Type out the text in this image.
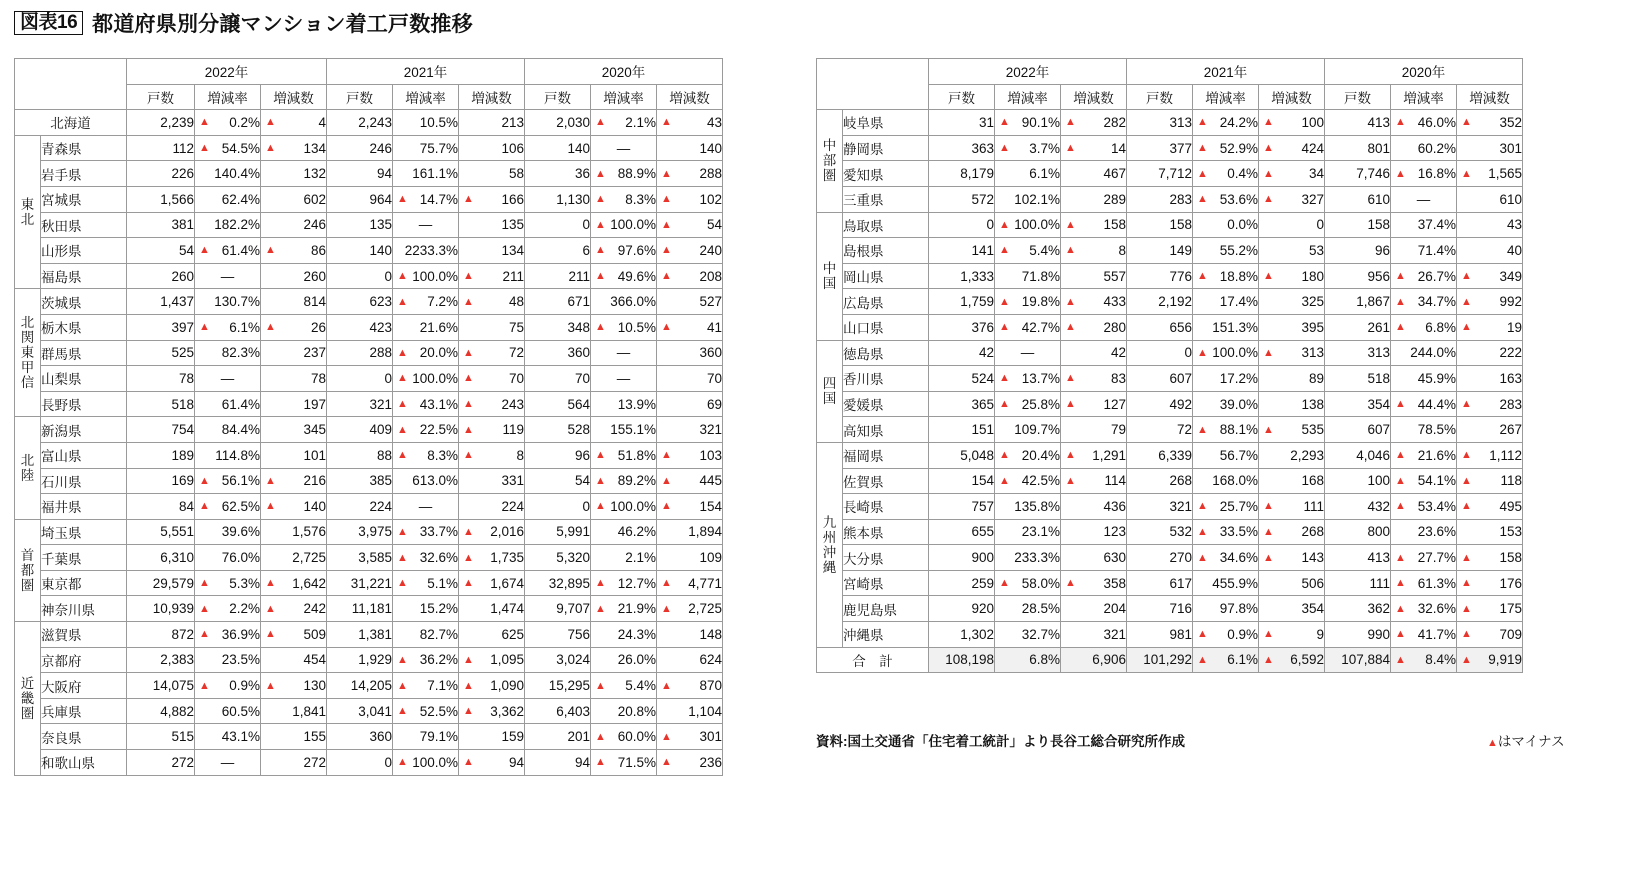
図表16 都道府県別分譲マンション着工戸数推移
		2022年			2021年			2020年		
		戸数	増減率	増減数	戸数	増減率	増減数	戸数	増減率	増減数
北海道		2,239	▲ 0.2%	▲ 4	2,243	10.5%	213	2,030	▲ 2.1%	▲ 43
東
北	青森県	112	▲ 54.5%	▲ 134	246	75.7%	106	140	—	140
	岩手県	226	140.4%	132	94	161.1%	58	36	▲ 88.9%	▲ 288
	宮城県	1,566	62.4%	602	964	▲ 14.7%	▲ 166	1,130	▲ 8.3%	▲ 102
	秋田県	381	182.2%	246	135	—	135	0	▲ 100.0%	▲ 54
	山形県	54	▲ 61.4%	▲ 86	140	2233.3%	134	6	▲ 97.6%	▲ 240
	福島県	260	—	260	0	▲ 100.0%	▲ 211	211	▲ 49.6%	▲ 208
北
関
東
甲
信	茨城県	1,437	130.7%	814	623	▲ 7.2%	▲ 48	671	366.0%	527
	栃木県	397	▲ 6.1%	▲ 26	423	21.6%	75	348	▲ 10.5%	▲ 41
	群馬県	525	82.3%	237	288	▲ 20.0%	▲ 72	360	—	360
	山梨県	78	—	78	0	▲ 100.0%	▲ 70	70	—	70
	長野県	518	61.4%	197	321	▲ 43.1%	▲ 243	564	13.9%	69
北
陸	新潟県	754	84.4%	345	409	▲ 22.5%	▲ 119	528	155.1%	321
	富山県	189	114.8%	101	88	▲ 8.3%	▲ 8	96	▲ 51.8%	▲ 103
	石川県	169	▲ 56.1%	▲ 216	385	613.0%	331	54	▲ 89.2%	▲ 445
	福井県	84	▲ 62.5%	▲ 140	224	—	224	0	▲ 100.0%	▲ 154
首
都
圏	埼玉県	5,551	39.6%	1,576	3,975	▲ 33.7%	▲ 2,016	5,991	46.2%	1,894
	千葉県	6,310	76.0%	2,725	3,585	▲ 32.6%	▲ 1,735	5,320	2.1%	109
	東京都	29,579	▲ 5.3%	▲ 1,642	31,221	▲ 5.1%	▲ 1,674	32,895	▲ 12.7%	▲ 4,771
	神奈川県	10,939	▲ 2.2%	▲ 242	11,181	15.2%	1,474	9,707	▲ 21.9%	▲ 2,725
近
畿
圏	滋賀県	872	▲ 36.9%	▲ 509	1,381	82.7%	625	756	24.3%	148
	京都府	2,383	23.5%	454	1,929	▲ 36.2%	▲ 1,095	3,024	26.0%	624
	大阪府	14,075	▲ 0.9%	▲ 130	14,205	▲ 7.1%	▲ 1,090	15,295	▲ 5.4%	▲ 870
	兵庫県	4,882	60.5%	1,841	3,041	▲ 52.5%	▲ 3,362	6,403	20.8%	1,104
	奈良県	515	43.1%	155	360	79.1%	159	201	▲ 60.0%	▲ 301
	和歌山県	272	—	272	0	▲ 100.0%	▲ 94	94	▲ 71.5%	▲ 236
		2022年			2021年			2020年		
		戸数	増減率	増減数	戸数	増減率	増減数	戸数	増減率	増減数
中
部
圏	岐阜県	31	▲ 90.1%	▲ 282	313	▲ 24.2%	▲ 100	413	▲ 46.0%	▲ 352
	静岡県	363	▲ 3.7%	▲ 14	377	▲ 52.9%	▲ 424	801	60.2%	301
	愛知県	8,179	6.1%	467	7,712	▲ 0.4%	▲ 34	7,746	▲ 16.8%	▲ 1,565
	三重県	572	102.1%	289	283	▲ 53.6%	▲ 327	610	—	610
中
国	鳥取県	0	▲ 100.0%	▲ 158	158	0.0%	0	158	37.4%	43
	島根県	141	▲ 5.4%	▲ 8	149	55.2%	53	96	71.4%	40
	岡山県	1,333	71.8%	557	776	▲ 18.8%	▲ 180	956	▲ 26.7%	▲ 349
	広島県	1,759	▲ 19.8%	▲ 433	2,192	17.4%	325	1,867	▲ 34.7%	▲ 992
	山口県	376	▲ 42.7%	▲ 280	656	151.3%	395	261	▲ 6.8%	▲ 19
四
国	徳島県	42	—	42	0	▲ 100.0%	▲ 313	313	244.0%	222
	香川県	524	▲ 13.7%	▲ 83	607	17.2%	89	518	45.9%	163
	愛媛県	365	▲ 25.8%	▲ 127	492	39.0%	138	354	▲ 44.4%	▲ 283
	高知県	151	109.7%	79	72	▲ 88.1%	▲ 535	607	78.5%	267
九
州
沖
縄	福岡県	5,048	▲ 20.4%	▲ 1,291	6,339	56.7%	2,293	4,046	▲ 21.6%	▲ 1,112
	佐賀県	154	▲ 42.5%	▲ 114	268	168.0%	168	100	▲ 54.1%	▲ 118
	長崎県	757	135.8%	436	321	▲ 25.7%	▲ 111	432	▲ 53.4%	▲ 495
	熊本県	655	23.1%	123	532	▲ 33.5%	▲ 268	800	23.6%	153
	大分県	900	233.3%	630	270	▲ 34.6%	▲ 143	413	▲ 27.7%	▲ 158
	宮崎県	259	▲ 58.0%	▲ 358	617	455.9%	506	111	▲ 61.3%	▲ 176
	鹿児島県	920	28.5%	204	716	97.8%	354	362	▲ 32.6%	▲ 175
	沖縄県	1,302	32.7%	321	981	▲ 0.9%	▲ 9	990	▲ 41.7%	▲ 709
合　計		108,198	6.8%	6,906	101,292	▲ 6.1%	▲ 6,592	107,884	▲ 8.4%	▲ 9,919
資料:国土交通省「住宅着工統計」より長谷工総合研究所作成	▲はマイナス
